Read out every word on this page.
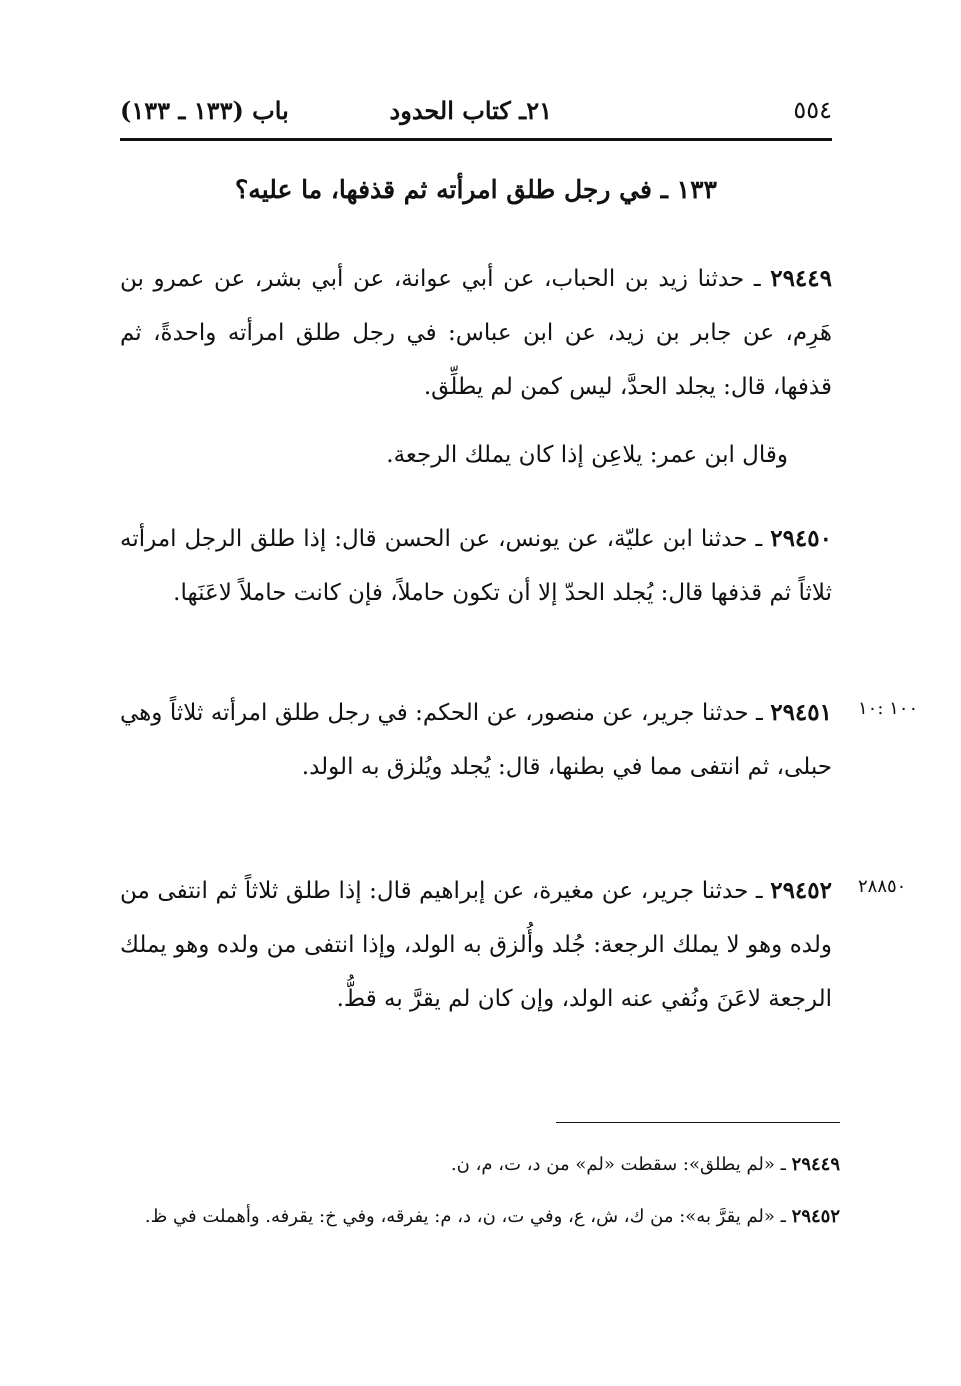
٥٥٤
٢١ـ كتاب الحدود
باب (١٣٣ ـ ١٣٣)
١٣٣ ـ في رجل طلق امرأته ثم قذفها، ما عليه؟
٢٩٤٤٩ ـ حدثنا زيد بن الحباب، عن أبي عوانة، عن أبي بشر، عن عمرو بن هَرِم، عن جابر بن زيد، عن ابن عباس: في رجل طلق امرأته واحدةً، ثم قذفها، قال: يجلد الحدَّ، ليس كمن لم يطلِّق.
وقال ابن عمر: يلاعِن إذا كان يملك الرجعة.
٢٩٤٥٠ ـ حدثنا ابن عليّة، عن يونس، عن الحسن قال: إذا طلق الرجل امرأته ثلاثاً ثم قذفها قال: يُجلد الحدّ إلا أن تكون حاملاً، فإن كانت حاملاً لاعَنَها.
١٠٠ :١٠
٢٩٤٥١ ـ حدثنا جرير، عن منصور، عن الحكم: في رجل طلق امرأته ثلاثاً وهي حبلى، ثم انتفى مما في بطنها، قال: يُجلد ويُلزق به الولد.
٢٨٨٥٠
٢٩٤٥٢ ـ حدثنا جرير، عن مغيرة، عن إبراهيم قال: إذا طلق ثلاثاً ثم انتفى من ولده وهو لا يملك الرجعة: جُلد وأُلزق به الولد، وإذا انتفى من ولده وهو يملك الرجعة لاعَنَ ونُفي عنه الولد، وإن كان لم يقرَّ به قطُّ.
٢٩٤٤٩ ـ «لم يطلق»: سقطت «لم» من د، ت، م، ن.
٢٩٤٥٢ ـ «لم يقرَّ به»: من ك، ش، ع، وفي ت، ن، د، م: يفرقه، وفي خ: يقرفه. وأهملت في ظ.
